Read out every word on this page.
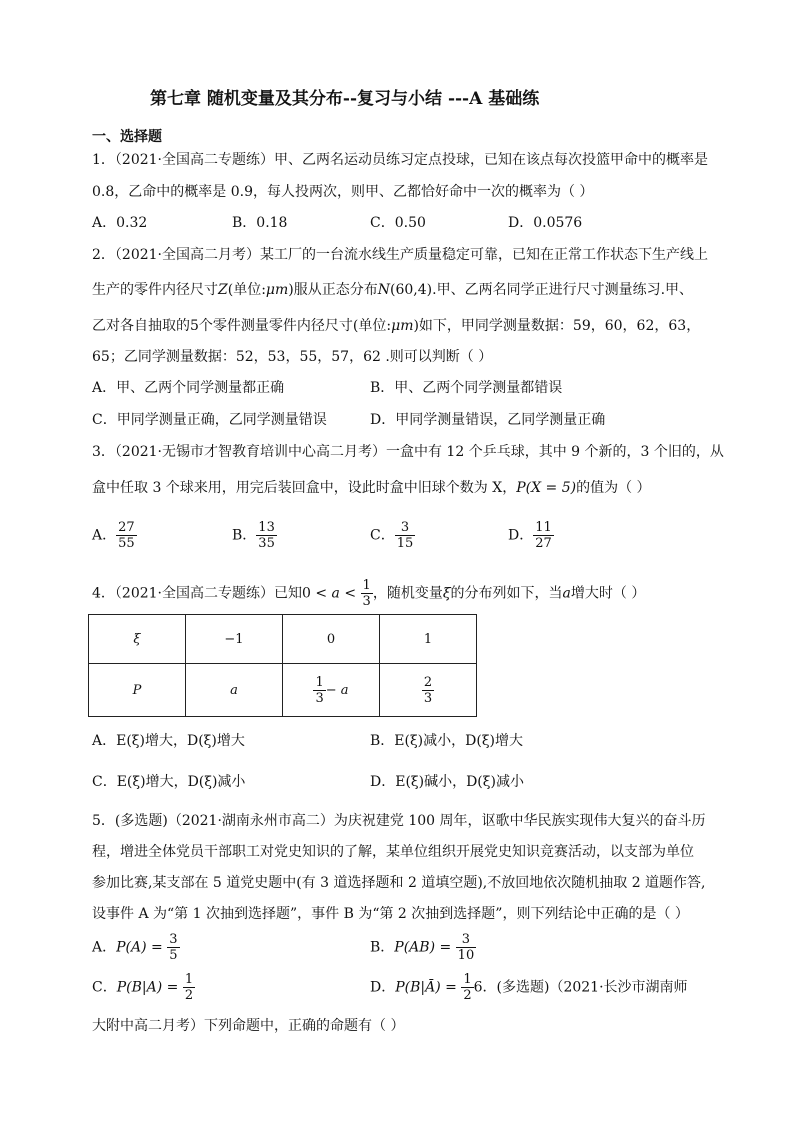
第七章 随机变量及其分布--复习与小结 ---A 基础练
一、选择题
1．（2021·全国高二专题练）甲、乙两名运动员练习定点投球，已知在该点每次投篮甲命中的概率是
0.8，乙命中的概率是 0.9，每人投两次，则甲、乙都恰好命中一次的概率为（ ）
A．0.32	B．0.18	C．0.50	D．0.0576
2．（2021·全国高二月考）某工厂的一台流水线生产质量稳定可靠，已知在正常工作状态下生产线上
生产的零件内径尺寸Z(单位:μm)服从正态分布N(60,4).甲、乙两名同学正进行尺寸测量练习.甲、
乙对各自抽取的5个零件测量零件内径尺寸(单位:μm)如下，甲同学测量数据：59，60，62，63，
65；乙同学测量数据：52，53，55，57，62 .则可以判断（ ）
A．甲、乙两个同学测量都正确	B．甲、乙两个同学测量都错误
C．甲同学测量正确，乙同学测量错误	D．甲同学测量错误，乙同学测量正确
3．（2021·无锡市才智教育培训中心高二月考）一盒中有 12 个乒乓球，其中 9 个新的，3 个旧的，从
盒中任取 3 个球来用，用完后装回盒中，设此时盒中旧球个数为 X，P(X = 5)的值为（ ）
A． $\frac{27}{55}$	B． $\frac{13}{35}$	C． $\frac{3}{15}$	D． $\frac{11}{27}$
4．（2021·全国高二专题练）已知$0 < a < \frac{1}{3}$ ，随机变量ξ的分布列如下，当a增大时（ ）
ξ	−1	0	1
P	a	$\frac{1}{3} - a$	$\frac{2}{3}$
A．E(ξ)增大，D(ξ)增大	B．E(ξ)减小，D(ξ)增大
C．E(ξ)增大，D(ξ)减小	D．E(ξ)碱小，D(ξ)减小
5．(多选题)（2021·湖南永州市高二）为庆祝建党 100 周年，讴歌中华民族实现伟大复兴的奋斗历
程，增进全体党员干部职工对党史知识的了解，某单位组织开展党史知识竞赛活动，以支部为单位
参加比赛,某支部在 5 道党史题中(有 3 道选择题和 2 道填空题),不放回地依次随机抽取 2 道题作答,
设事件 A 为“第 1 次抽到选择题”，事件 B 为“第 2 次抽到选择题”，则下列结论中正确的是（ ）
A．$P(A) = \frac{3}{5}$	B．$P(AB) = \frac{3}{10}$
C．$P(B|A) = \frac{1}{2}$	D．P(B|Ā) = $\frac{1}{2} 6$．(多选题)（2021·长沙市湖南师
大附中高二月考）下列命题中，正确的命题有（ ）
